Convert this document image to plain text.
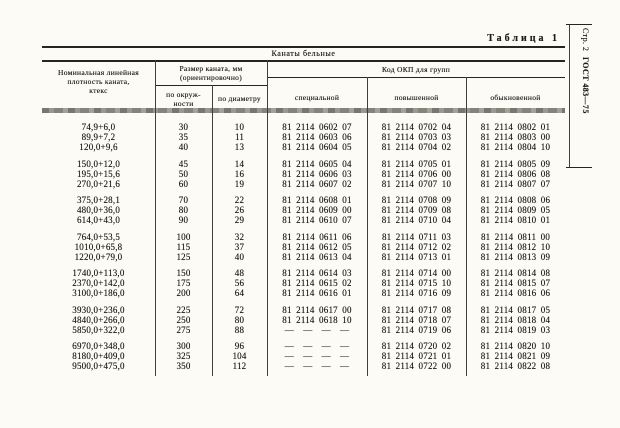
Таблица 1
Канаты бельные
Номинальная линейная
плотность каната,
ктекс
Размер каната, мм
(ориентировочно)
Код ОКП для групп
по окруж-
ности
по диаметру	специальной	повышенной	обыкновенной
74,9+6,0	30	10	81 2114 0602 07	81 2114 0702 04	81 2114 0802 01
89,9+7,2	35	11	81 2114 0603 06	81 2114 0703 03	81 2114 0803 00
120,0+9,6	40	13	81 2114 0604 05	81 2114 0704 02	81 2114 0804 10
150,0+12,0	45	14	81 2114 0605 04	81 2114 0705 01	81 2114 0805 09
195,0+15,6	50	16	81 2114 0606 03	81 2114 0706 00	81 2114 0806 08
270,0+21,6	60	19	81 2114 0607 02	81 2114 0707 10	81 2114 0807 07
375,0+28,1	70	22	81 2114 0608 01	81 2114 0708 09	81 2114 0808 06
480,0+36,0	80	26	81 2114 0609 00	81 2114 0709 08	81 2114 0809 05
614,0+43,0	90	29	81 2114 0610 07	81 2114 0710 04	81 2114 0810 01
764,0+53,5	100	32	81 2114 0611 06	81 2114 0711 03	81 2114 0811 00
1010,0+65,8	115	37	81 2114 0612 05	81 2114 0712 02	81 2114 0812 10
1220,0+79,0	125	40	81 2114 0613 04	81 2114 0713 01	81 2114 0813 09
1740,0+113,0	150	48	81 2114 0614 03	81 2114 0714 00	81 2114 0814 08
2370,0+142,0	175	56	81 2114 0615 02	81 2114 0715 10	81 2114 0815 07
3100,0+186,0	200	64	81 2114 0616 01	81 2114 0716 09	81 2114 0816 06
3930,0+236,0	225	72	81 2114 0617 00	81 2114 0717 08	81 2114 0817 05
4840,0+266,0	250	80	81 2114 0618 10	81 2114 0718 07	81 2114 0818 04
5850,0+322,0	275	88	— — — —	81 2114 0719 06	81 2114 0819 03
6970,0+348,0	300	96	— — — —	81 2114 0720 02	81 2114 0820 10
8180,0+409,0	325	104	— — — —	81 2114 0721 01	81 2114 0821 09
9500,0+475,0	350	112	— — — —	81 2114 0722 00	81 2114 0822 08
Стр. 2 ГОСТ 483—75
